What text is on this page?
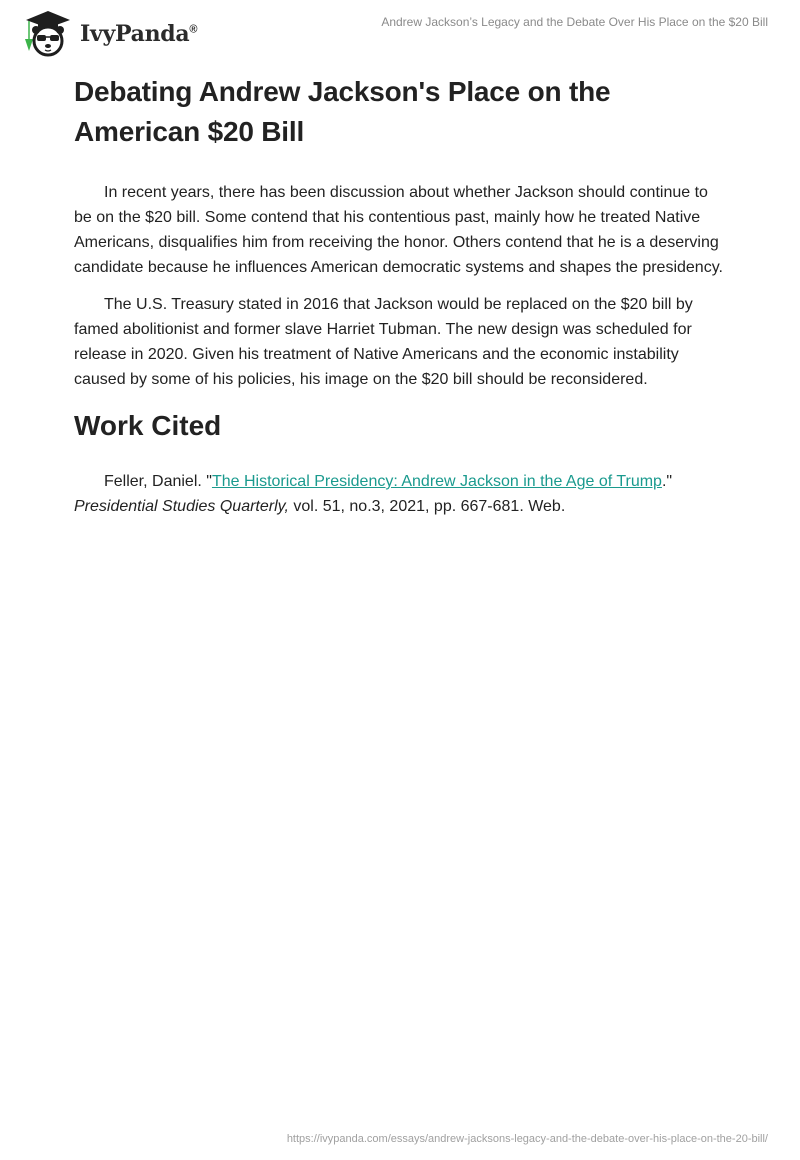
IvyPanda®
Andrew Jackson’s Legacy and the Debate Over His Place on the $20 Bill
Debating Andrew Jackson's Place on the American $20 Bill

In recent years, there has been discussion about whether Jackson should continue to be on the $20 bill. Some contend that his contentious past, mainly how he treated Native Americans, disqualifies him from receiving the honor. Others contend that he is a deserving candidate because he influences American democratic systems and shapes the presidency.

The U.S. Treasury stated in 2016 that Jackson would be replaced on the $20 bill by famed abolitionist and former slave Harriet Tubman. The new design was scheduled for release in 2020. Given his treatment of Native Americans and the economic instability caused by some of his policies, his image on the $20 bill should be reconsidered.

Work Cited

Feller, Daniel. "The Historical Presidency: Andrew Jackson in the Age of Trump." Presidential Studies Quarterly, vol. 51, no.3, 2021, pp. 667-681. Web.

https://ivypanda.com/essays/andrew-jacksons-legacy-and-the-debate-over-his-place-on-the-20-bill/
